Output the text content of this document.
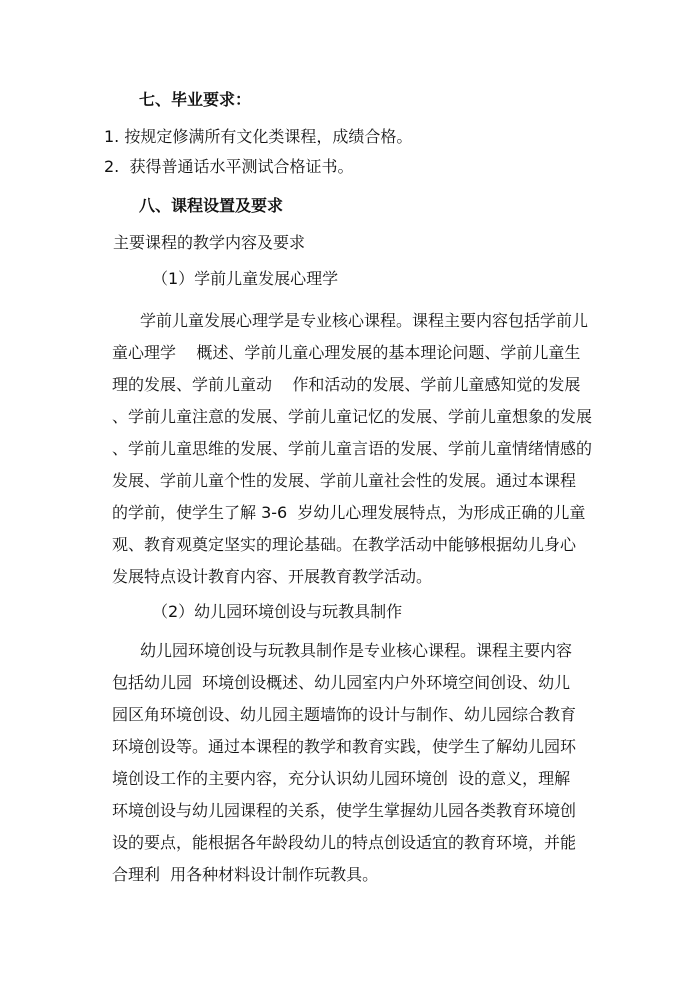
七、毕业要求：
1. 按规定修满所有文化类课程，成绩合格。
2.  获得普通话水平测试合格证书。
八、课程设置及要求
主要课程的教学内容及要求
（1）学前儿童发展心理学
学前儿童发展心理学是专业核心课程。课程主要内容包括学前儿
童心理学    概述、学前儿童心理发展的基本理论问题、学前儿童生
理的发展、学前儿童动    作和活动的发展、学前儿童感知觉的发展
、学前儿童注意的发展、学前儿童记忆的发展、学前儿童想象的发展
、学前儿童思维的发展、学前儿童言语的发展、学前儿童情绪情感的
发展、学前儿童个性的发展、学前儿童社会性的发展。通过本课程
的学前，使学生了解 3-6  岁幼儿心理发展特点，为形成正确的儿童
观、教育观奠定坚实的理论基础。在教学活动中能够根据幼儿身心
发展特点设计教育内容、开展教育教学活动。
（2）幼儿园环境创设与玩教具制作
幼儿园环境创设与玩教具制作是专业核心课程。课程主要内容
包括幼儿园  环境创设概述、幼儿园室内户外环境空间创设、幼儿
园区角环境创设、幼儿园主题墙饰的设计与制作、幼儿园综合教育
环境创设等。通过本课程的教学和教育实践，使学生了解幼儿园环
境创设工作的主要内容，充分认识幼儿园环境创  设的意义，理解
环境创设与幼儿园课程的关系，使学生掌握幼儿园各类教育环境创
设的要点，能根据各年龄段幼儿的特点创设适宜的教育环境，并能
合理利  用各种材料设计制作玩教具。
